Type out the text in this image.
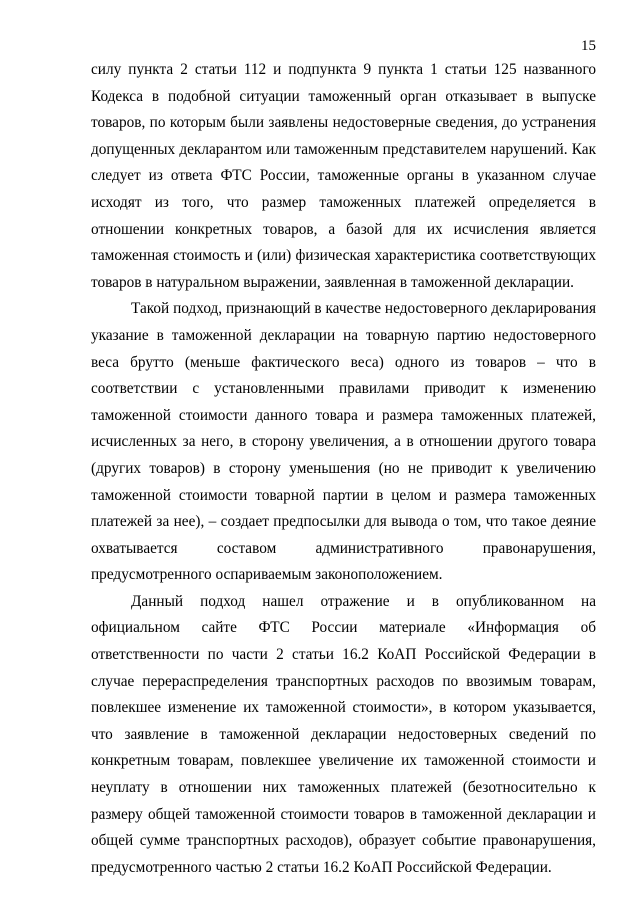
15

силу пункта 2 статьи 112 и подпункта 9 пункта 1 статьи 125 названного Кодекса в подобной ситуации таможенный орган отказывает в выпуске товаров, по которым были заявлены недостоверные сведения, до устранения допущенных декларантом или таможенным представителем нарушений. Как следует из ответа ФТС России, таможенные органы в указанном случае исходят из того, что размер таможенных платежей определяется в отношении конкретных товаров, а базой для их исчисления является таможенная стоимость и (или) физическая характеристика соответствующих товаров в натуральном выражении, заявленная в таможенной декларации.

Такой подход, признающий в качестве недостоверного декларирования указание в таможенной декларации на товарную партию недостоверного веса брутто (меньше фактического веса) одного из товаров – что в соответствии с установленными правилами приводит к изменению таможенной стоимости данного товара и размера таможенных платежей, исчисленных за него, в сторону увеличения, а в отношении другого товара (других товаров) в сторону уменьшения (но не приводит к увеличению таможенной стоимости товарной партии в целом и размера таможенных платежей за нее), – создает предпосылки для вывода о том, что такое деяние охватывается составом административного правонарушения, предусмотренного оспариваемым законоположением.

Данный подход нашел отражение и в опубликованном на официальном сайте ФТС России материале «Информация об ответственности по части 2 статьи 16.2 КоАП Российской Федерации в случае перераспределения транспортных расходов по ввозимым товарам, повлекшее изменение их таможенной стоимости», в котором указывается, что заявление в таможенной декларации недостоверных сведений по конкретным товарам, повлекшее увеличение их таможенной стоимости и неуплату в отношении них таможенных платежей (безотносительно к размеру общей таможенной стоимости товаров в таможенной декларации и общей сумме транспортных расходов), образует событие правонарушения, предусмотренного частью 2 статьи 16.2 КоАП Российской Федерации.
